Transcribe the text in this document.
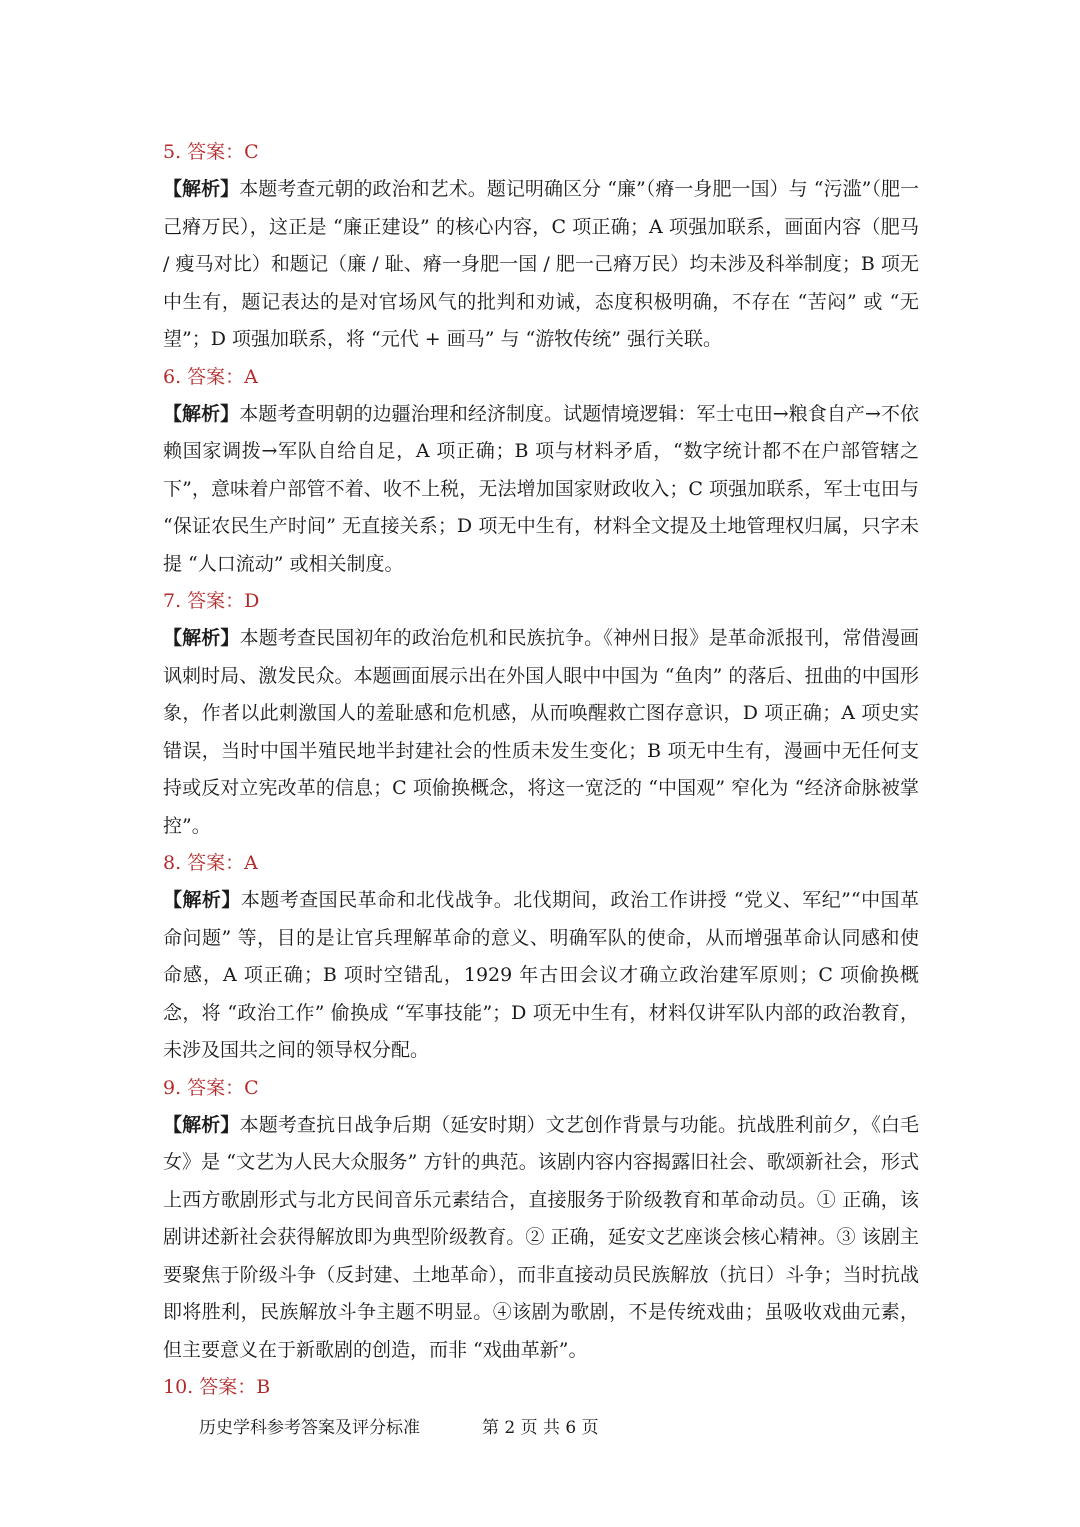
5. 答案：C

【解析】本题考查元朝的政治和艺术。题记明确区分 “廉”（瘠一身肥一国）与 “污滥”（肥一己瘠万民），这正是 “廉正建设” 的核心内容，C 项正确；A 项强加联系，画面内容（肥马 / 瘦马对比）和题记（廉 / 耻、瘠一身肥一国 / 肥一己瘠万民）均未涉及科举制度；B 项无中生有，题记表达的是对官场风气的批判和劝诫，态度积极明确，不存在 “苦闷” 或 “无望”；D 项强加联系，将 “元代 + 画马” 与 “游牧传统” 强行关联。

6. 答案：A

【解析】本题考查明朝的边疆治理和经济制度。试题情境逻辑：军士屯田→粮食自产→不依赖国家调拨→军队自给自足，A 项正确；B 项与材料矛盾，“数字统计都不在户部管辖之下”，意味着户部管不着、收不上税，无法增加国家财政收入；C 项强加联系，军士屯田与 “保证农民生产时间” 无直接关系；D 项无中生有，材料全文提及土地管理权归属，只字未提 “人口流动” 或相关制度。

7. 答案：D

【解析】本题考查民国初年的政治危机和民族抗争。《神州日报》是革命派报刊，常借漫画讽刺时局、激发民众。本题画面展示出在外国人眼中中国为 “鱼肉” 的落后、扭曲的中国形象，作者以此刺激国人的羞耻感和危机感，从而唤醒救亡图存意识，D 项正确；A 项史实错误，当时中国半殖民地半封建社会的性质未发生变化；B 项无中生有，漫画中无任何支持或反对立宪改革的信息；C 项偷换概念，将这一宽泛的 “中国观” 窄化为 “经济命脉被掌控”。

8. 答案：A

【解析】本题考查国民革命和北伐战争。北伐期间，政治工作讲授 “党义、军纪”“中国革命问题” 等，目的是让官兵理解革命的意义、明确军队的使命，从而增强革命认同感和使命感，A 项正确；B 项时空错乱，1929 年古田会议才确立政治建军原则；C 项偷换概念，将 “政治工作” 偷换成 “军事技能”；D 项无中生有，材料仅讲军队内部的政治教育，未涉及国共之间的领导权分配。

9. 答案：C

【解析】本题考查抗日战争后期（延安时期）文艺创作背景与功能。抗战胜利前夕，《白毛女》是 “文艺为人民大众服务” 方针的典范。该剧内容内容揭露旧社会、歌颂新社会，形式上西方歌剧形式与北方民间音乐元素结合，直接服务于阶级教育和革命动员。① 正确，该剧讲述新社会获得解放即为典型阶级教育。② 正确，延安文艺座谈会核心精神。③ 该剧主要聚焦于阶级斗争（反封建、土地革命），而非直接动员民族解放（抗日）斗争；当时抗战即将胜利，民族解放斗争主题不明显。④该剧为歌剧，不是传统戏曲；虽吸收戏曲元素，但主要意义在于新歌剧的创造，而非 “戏曲革新”。

10. 答案：B
历史学科参考答案及评分标准	第 2 页 共 6 页
